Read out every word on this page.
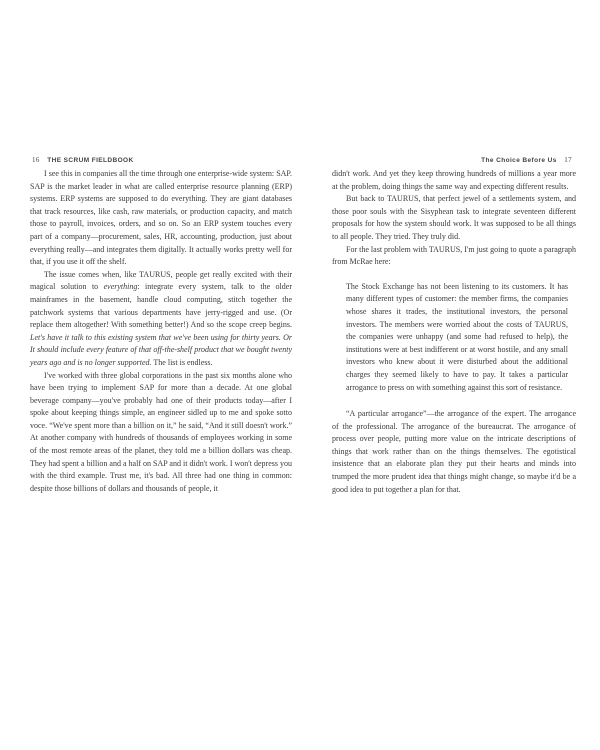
16 THE SCRUM FIELDBOOK	The Choice Before Us 17

I see this in companies all the time through one enterprise-wide system: SAP. SAP is the market leader in what are called enterprise resource planning (ERP) systems. ERP systems are supposed to do everything. They are giant databases that track resources, like cash, raw materials, or production capacity, and match those to payroll, invoices, orders, and so on. So an ERP system touches every part of a company—procurement, sales, HR, accounting, production, just about everything really—and integrates them digitally. It actually works pretty well for that, if you use it off the shelf.

The issue comes when, like TAURUS, people get really excited with their magical solution to everything: integrate every system, talk to the older mainframes in the basement, handle cloud computing, stitch together the patchwork systems that various departments have jerry-rigged and use. (Or replace them altogether! With something better!) And so the scope creep begins. Let's have it talk to this existing system that we've been using for thirty years. Or It should include every feature of that off-the-shelf product that we bought twenty years ago and is no longer supported. The list is endless.

I've worked with three global corporations in the past six months alone who have been trying to implement SAP for more than a decade. At one global beverage company—you've probably had one of their products today—after I spoke about keeping things simple, an engineer sidled up to me and spoke sotto voce. “We've spent more than a billion on it,” he said, “And it still doesn't work.” At another company with hundreds of thousands of employees working in some of the most remote areas of the planet, they told me a billion dollars was cheap. They had spent a billion and a half on SAP and it didn't work. I won't depress you with the third example. Trust me, it's bad. All three had one thing in common: despite those billions of dollars and thousands of people, it

didn't work. And yet they keep throwing hundreds of millions a year more at the problem, doing things the same way and expecting different results.

But back to TAURUS, that perfect jewel of a settlements system, and those poor souls with the Sisyphean task to integrate seventeen different proposals for how the system should work. It was supposed to be all things to all people. They tried. They truly did.

For the last problem with TAURUS, I'm just going to quote a paragraph from McRae here:

The Stock Exchange has not been listening to its customers. It has many different types of customer: the member firms, the companies whose shares it trades, the institutional investors, the personal investors. The members were worried about the costs of TAURUS, the companies were unhappy (and some had refused to help), the institutions were at best indifferent or at worst hostile, and any small investors who knew about it were disturbed about the additional charges they seemed likely to have to pay. It takes a particular arrogance to press on with something against this sort of resistance.

“A particular arrogance”—the arrogance of the expert. The arrogance of the professional. The arrogance of the bureaucrat. The arrogance of process over people, putting more value on the intricate descriptions of things that work rather than on the things themselves. The egotistical insistence that an elaborate plan they put their hearts and minds into trumped the more prudent idea that things might change, so maybe it'd be a good idea to put together a plan for that.
